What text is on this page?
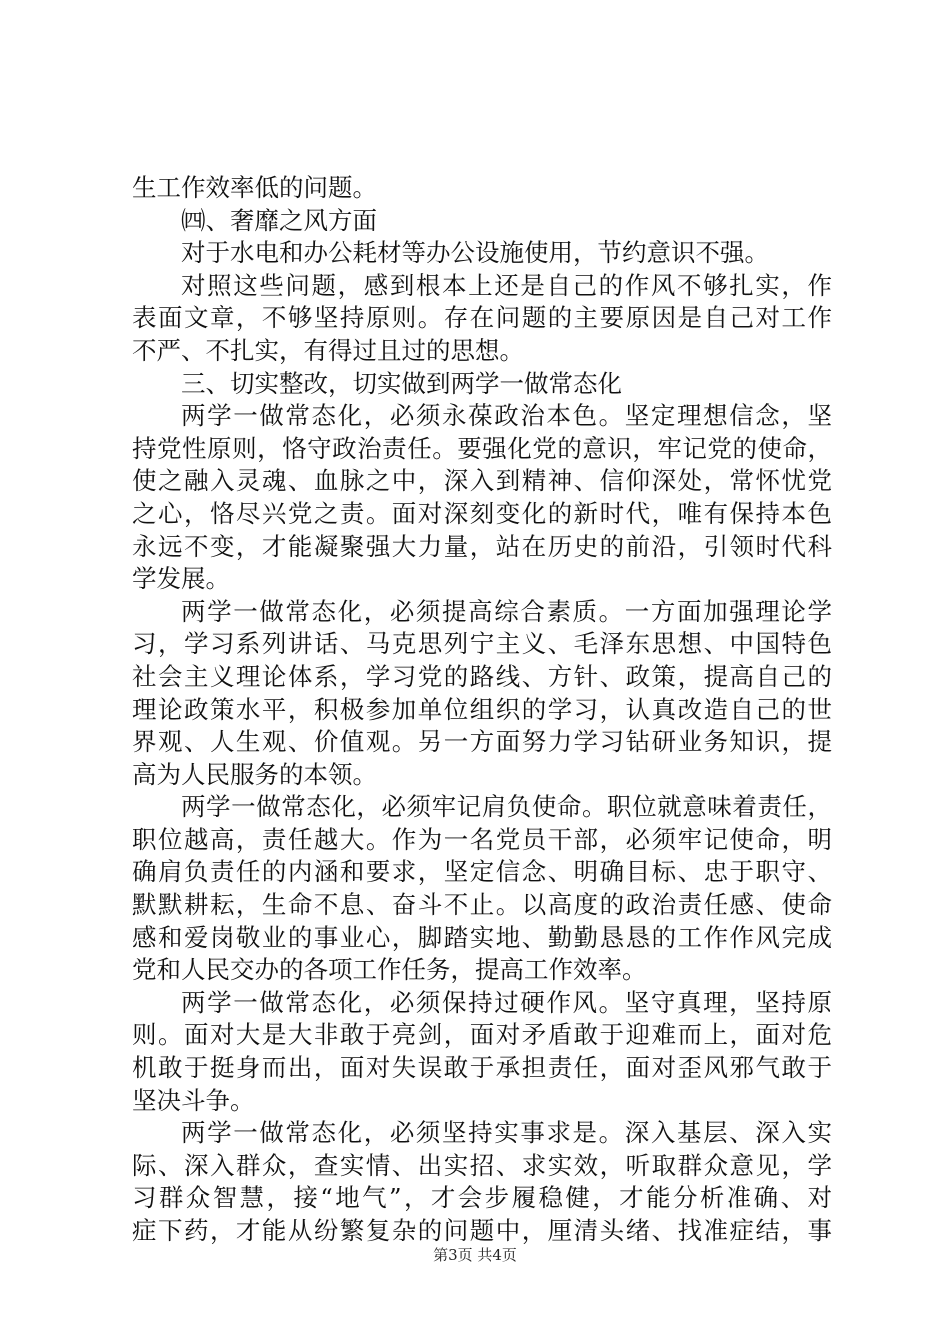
生工作效率低的问题。
㈣、奢靡之风方面
对于水电和办公耗材等办公设施使用，节约意识不强。
对照这些问题，感到根本上还是自己的作风不够扎实，作
表面文章，不够坚持原则。存在问题的主要原因是自己对工作
不严、不扎实，有得过且过的思想。
三、切实整改，切实做到两学一做常态化
两学一做常态化，必须永葆政治本色。坚定理想信念，坚
持党性原则，恪守政治责任。要强化党的意识，牢记党的使命，
使之融入灵魂、血脉之中，深入到精神、信仰深处，常怀忧党
之心，恪尽兴党之责。面对深刻变化的新时代，唯有保持本色
永远不变，才能凝聚强大力量，站在历史的前沿，引领时代科
学发展。
两学一做常态化，必须提高综合素质。一方面加强理论学
习，学习系列讲话、马克思列宁主义、毛泽东思想、中国特色
社会主义理论体系，学习党的路线、方针、政策，提高自己的
理论政策水平，积极参加单位组织的学习，认真改造自己的世
界观、人生观、价值观。另一方面努力学习钻研业务知识，提
高为人民服务的本领。
两学一做常态化，必须牢记肩负使命。职位就意味着责任，
职位越高，责任越大。作为一名党员干部，必须牢记使命，明
确肩负责任的内涵和要求，坚定信念、明确目标、忠于职守、
默默耕耘，生命不息、奋斗不止。以高度的政治责任感、使命
感和爱岗敬业的事业心，脚踏实地、勤勤恳恳的工作作风完成
党和人民交办的各项工作任务，提高工作效率。
两学一做常态化，必须保持过硬作风。坚守真理，坚持原
则。面对大是大非敢于亮剑，面对矛盾敢于迎难而上，面对危
机敢于挺身而出，面对失误敢于承担责任，面对歪风邪气敢于
坚决斗争。
两学一做常态化，必须坚持实事求是。深入基层、深入实
际、深入群众，查实情、出实招、求实效，听取群众意见，学
习群众智慧，接“地气”，才会步履稳健，才能分析准确、对
症下药，才能从纷繁复杂的问题中，厘清头绪、找准症结，事
第3页 共4页
